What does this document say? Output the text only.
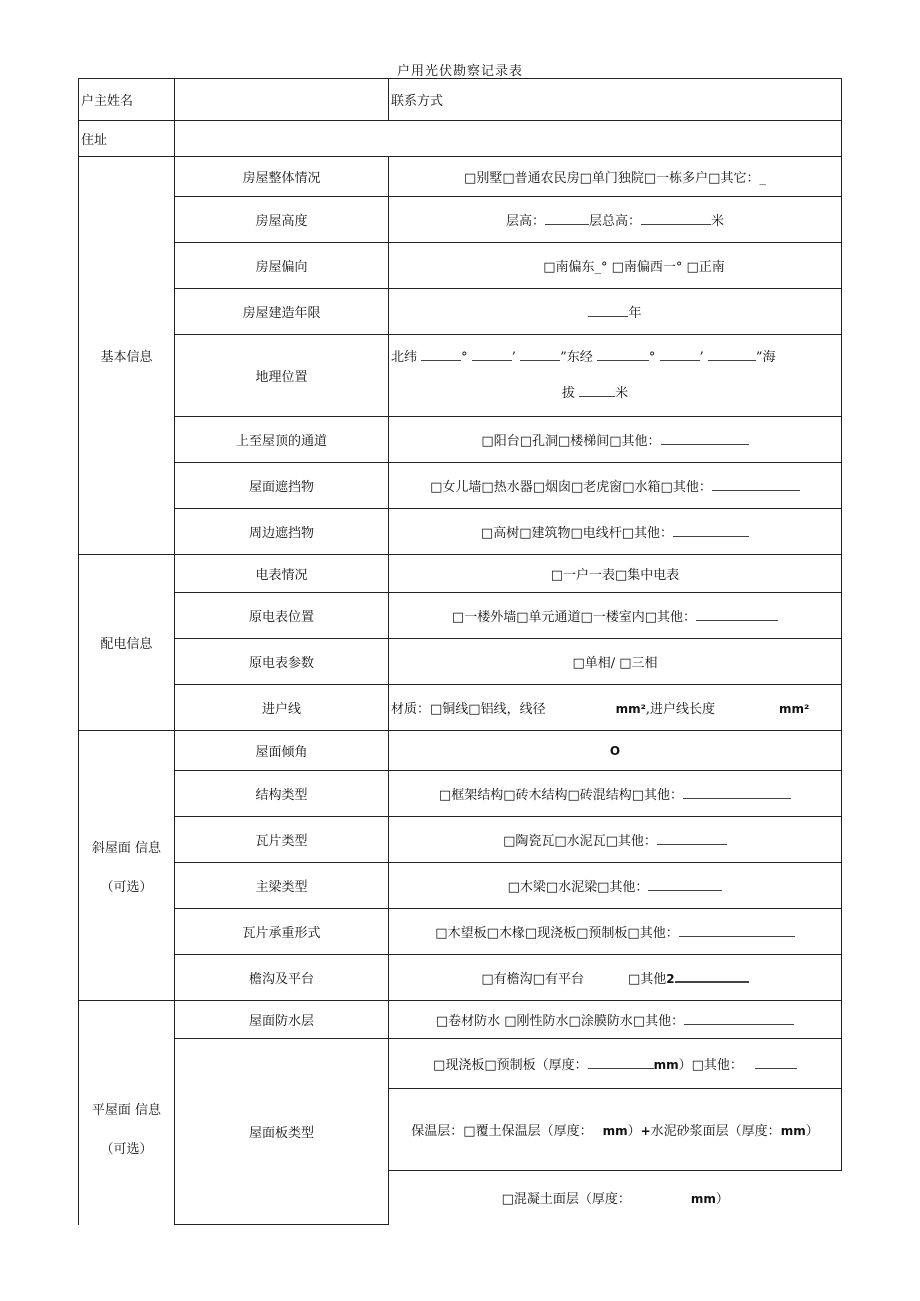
户用光伏勘察记录表
户主姓名		联系方式
住址		
基本信息	房屋整体情况	□别墅□普通农民房□单门独院□一栋多户□其它：_
	房屋高度	层高： 层总高： 米
	房屋偏向	□南偏东_° □南偏西一° □正南
	房屋建造年限	年
	地理位置	北纬 ° ’ ”东经 ° ’ ”海
拔 米

	上至屋顶的通道	□阳台□孔洞□楼梯间□其他：
	屋面遮挡物	□女儿墙□热水器□烟囱□老虎窗□水箱□其他：
	周边遮挡物	□高树□建筑物□电线杆□其他：
配电信息	电表情况	□一户一表□集中电表
	原电表位置	□一楼外墙□单元通道□一楼室内□其他：
	原电表参数	□单相/ □三相
	进户线	材质：□铜线□铝线，线径 mm²,进户线长度 mm²

斜屋面 信息
（可选）	屋面倾角	O
	结构类型	□框架结构□砖木结构□砖混结构□其他：
	瓦片类型	□陶瓷瓦□水泥瓦□其他：
	主梁类型	□木梁□水泥梁□其他：
	瓦片承重形式	□木望板□木椽□现浇板□预制板□其他：
	檐沟及平台	□有檐沟□有平台 □其他2

平屋面 信息
（可选）	屋面防水层	□卷材防水 □刚性防水□涂膜防水□其他：
	屋面板类型	□现浇板□预制板（厚度： mm）□其他：
		保温层：□覆土保温层（厚度： mm）+水泥砂浆面层（厚度：mm）
		□混凝土面层（厚度： mm）
